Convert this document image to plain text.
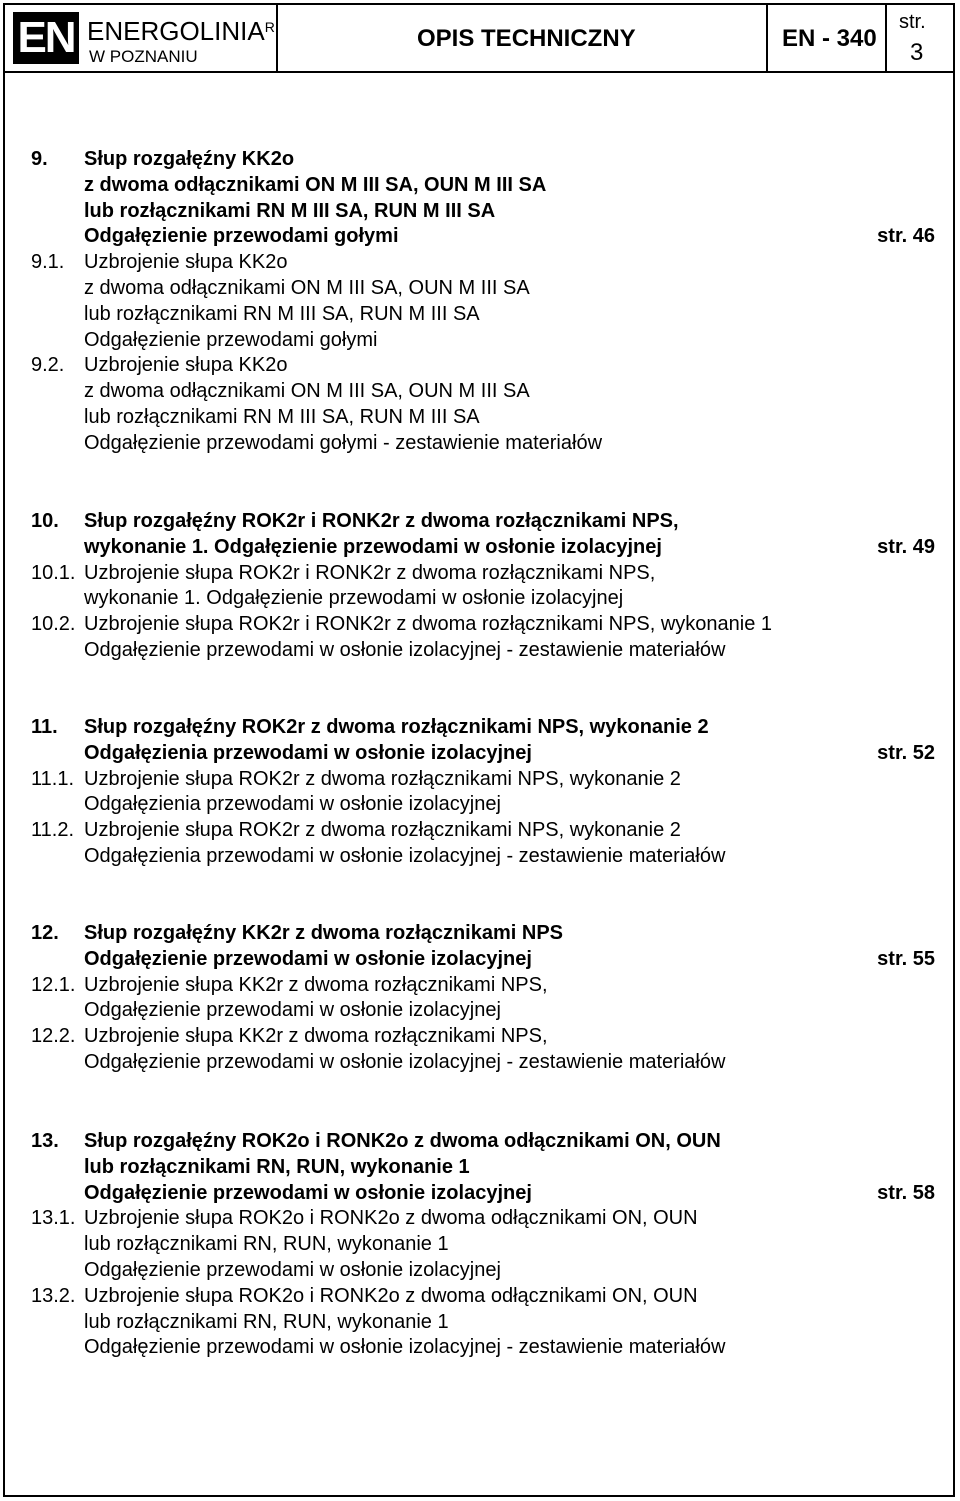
EN $ENERGOLINIA^R$
W POZNANIU
OPIS TECHNICZNY	EN - 340
str.
3
9. Słup rozgałęźny KK2o
z dwoma odłącznikami ON M III SA, OUN M III SA
lub rozłącznikami RN M III SA, RUN M III SA
Odgałęzienie przewodami gołymi	str. 46
9.1. Uzbrojenie słupa KK2o
z dwoma odłącznikami ON M III SA, OUN M III SA
lub rozłącznikami RN M III SA, RUN M III SA
Odgałęzienie przewodami gołymi
9.2. Uzbrojenie słupa KK2o
z dwoma odłącznikami ON M III SA, OUN M III SA
lub rozłącznikami RN M III SA, RUN M III SA
Odgałęzienie przewodami gołymi - zestawienie materiałów
10. Słup rozgałęźny ROK2r i RONK2r z dwoma rozłącznikami NPS,
wykonanie 1. Odgałęzienie przewodami w osłonie izolacyjnej	str. 49
10.1. Uzbrojenie słupa ROK2r i RONK2r z dwoma rozłącznikami NPS,
wykonanie 1. Odgałęzienie przewodami w osłonie izolacyjnej
10.2. Uzbrojenie słupa ROK2r i RONK2r z dwoma rozłącznikami NPS, wykonanie 1
Odgałęzienie przewodami w osłonie izolacyjnej - zestawienie materiałów
11. Słup rozgałęźny ROK2r z dwoma rozłącznikami NPS, wykonanie 2
Odgałęzienia przewodami w osłonie izolacyjnej	str. 52
11.1. Uzbrojenie słupa ROK2r z dwoma rozłącznikami NPS, wykonanie 2
Odgałęzienia przewodami w osłonie izolacyjnej
11.2. Uzbrojenie słupa ROK2r z dwoma rozłącznikami NPS, wykonanie 2
Odgałęzienia przewodami w osłonie izolacyjnej - zestawienie materiałów
12. Słup rozgałęźny KK2r z dwoma rozłącznikami NPS
Odgałęzienie przewodami w osłonie izolacyjnej	str. 55
12.1. Uzbrojenie słupa KK2r z dwoma rozłącznikami NPS,
Odgałęzienie przewodami w osłonie izolacyjnej
12.2. Uzbrojenie słupa KK2r z dwoma rozłącznikami NPS,
Odgałęzienie przewodami w osłonie izolacyjnej - zestawienie materiałów
13. Słup rozgałęźny ROK2o i RONK2o z dwoma odłącznikami ON, OUN
lub rozłącznikami RN, RUN, wykonanie 1
Odgałęzienie przewodami w osłonie izolacyjnej	str. 58
13.1. Uzbrojenie słupa ROK2o i RONK2o z dwoma odłącznikami ON, OUN
lub rozłącznikami RN, RUN, wykonanie 1
Odgałęzienie przewodami w osłonie izolacyjnej
13.2. Uzbrojenie słupa ROK2o i RONK2o z dwoma odłącznikami ON, OUN
lub rozłącznikami RN, RUN, wykonanie 1
Odgałęzienie przewodami w osłonie izolacyjnej - zestawienie materiałów
